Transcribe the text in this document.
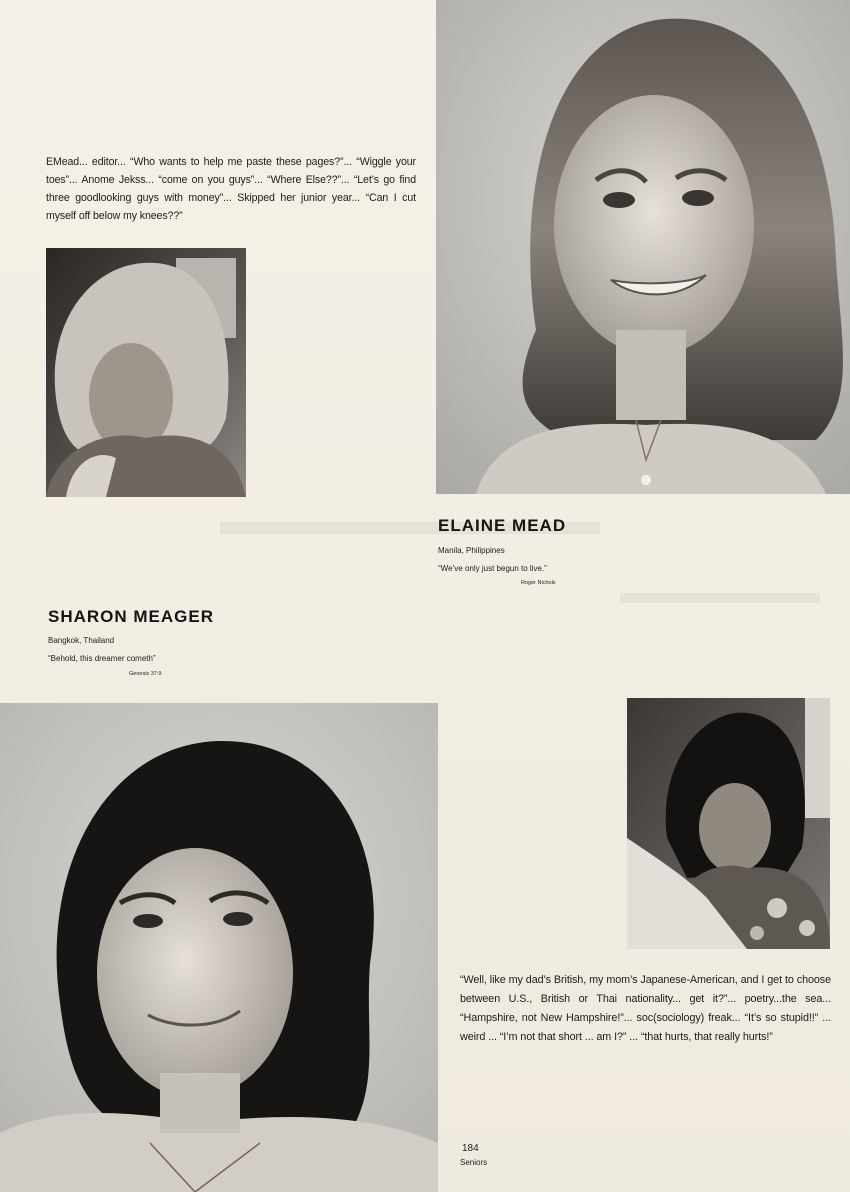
EMead... editor... “Who wants to help me paste these pages?”... “Wiggle your toes”... Anome Jekss... “come on you guys”... “Where Else??”... “Let’s go find three goodlooking guys with money”... Skipped her junior year... “Can I cut myself off below my knees??”

ELAINE MEAD

Manila, Philippines

“We’ve only just begun to live.”

Roger Nichols

SHARON MEAGER

Bangkok, Thailand

“Behold, this dreamer cometh”

Genesis 37:9

“Well, like my dad’s British, my mom’s Japanese-American, and I get to choose between U.S., British or Thai nationality... get it?”... poetry...the sea... “Hampshire, not New Hampshire!”... soc(sociology) freak... “It’s so stupid!!” ... weird ... “I’m not that short ... am I?” ... “that hurts, that really hurts!”

184

Seniors
